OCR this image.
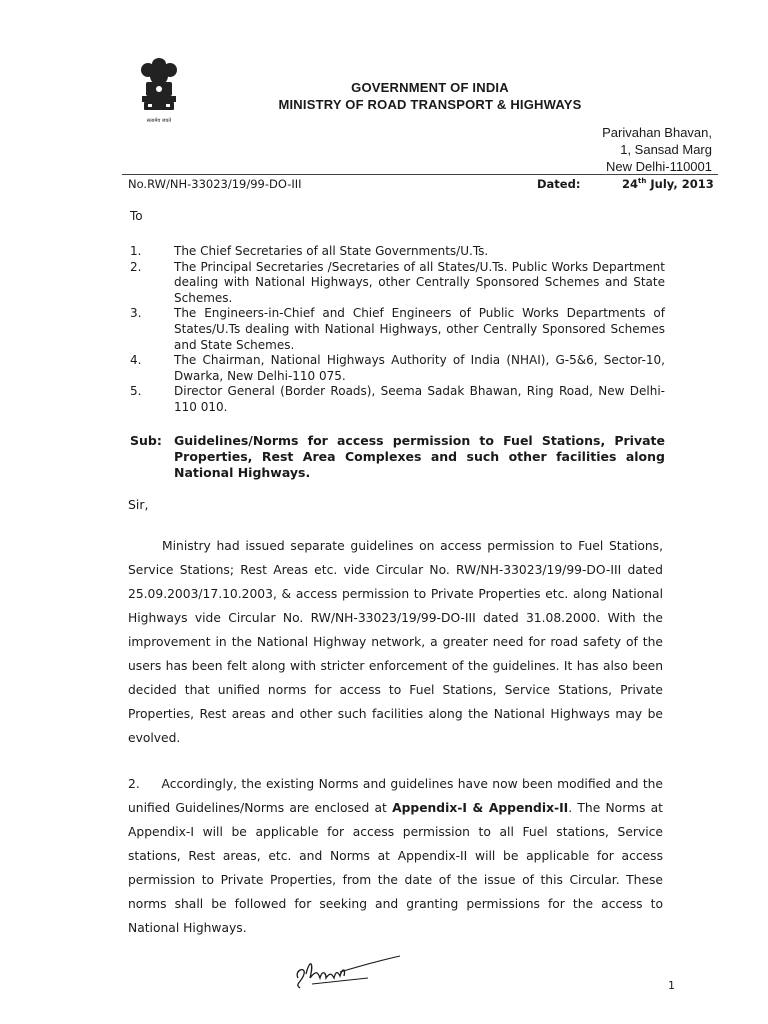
सत्यमेव जयते
GOVERNMENT OF INDIA
MINISTRY OF ROAD TRANSPORT & HIGHWAYS
Parivahan Bhavan,
1, Sansad Marg
New Delhi-110001
No.RW/NH-33023/19/99-DO-III	Dated:	24th July, 2013
To
1.	The Chief Secretaries of all State Governments/U.Ts.
2.	The Principal Secretaries /Secretaries of all States/U.Ts. Public Works Department dealing with National Highways, other Centrally Sponsored Schemes and State Schemes.
3.	The Engineers-in-Chief and Chief Engineers of Public Works Departments of States/U.Ts dealing with National Highways, other Centrally Sponsored Schemes and State Schemes.
4.	The Chairman, National Highways Authority of India (NHAI), G-5&6, Sector-10, Dwarka, New Delhi-110 075.
5.	Director General (Border Roads), Seema Sadak Bhawan, Ring Road, New Delhi-110 010.
Sub: Guidelines/Norms for access permission to Fuel Stations, Private Properties, Rest Area Complexes and such other facilities along National Highways.
Sir,
Ministry had issued separate guidelines on access permission to Fuel Stations, Service Stations; Rest Areas etc. vide Circular No. RW/NH-33023/19/99-DO-III dated 25.09.2003/17.10.2003, & access permission to Private Properties etc. along National Highways vide Circular No. RW/NH-33023/19/99-DO-III dated 31.08.2000. With the improvement in the National Highway network, a greater need for road safety of the users has been felt along with stricter enforcement of the guidelines. It has also been decided that unified norms for access to Fuel Stations, Service Stations, Private Properties, Rest areas and other such facilities along the National Highways may be evolved.
2.     Accordingly, the existing Norms and guidelines have now been modified and the unified Guidelines/Norms are enclosed at Appendix-I & Appendix-II. The Norms at Appendix-I will be applicable for access permission to all Fuel stations, Service stations, Rest areas, etc. and Norms at Appendix-II will be applicable for access permission to Private Properties, from the date of the issue of this Circular. These norms shall be followed for seeking and granting permissions for the access to National Highways.
1
